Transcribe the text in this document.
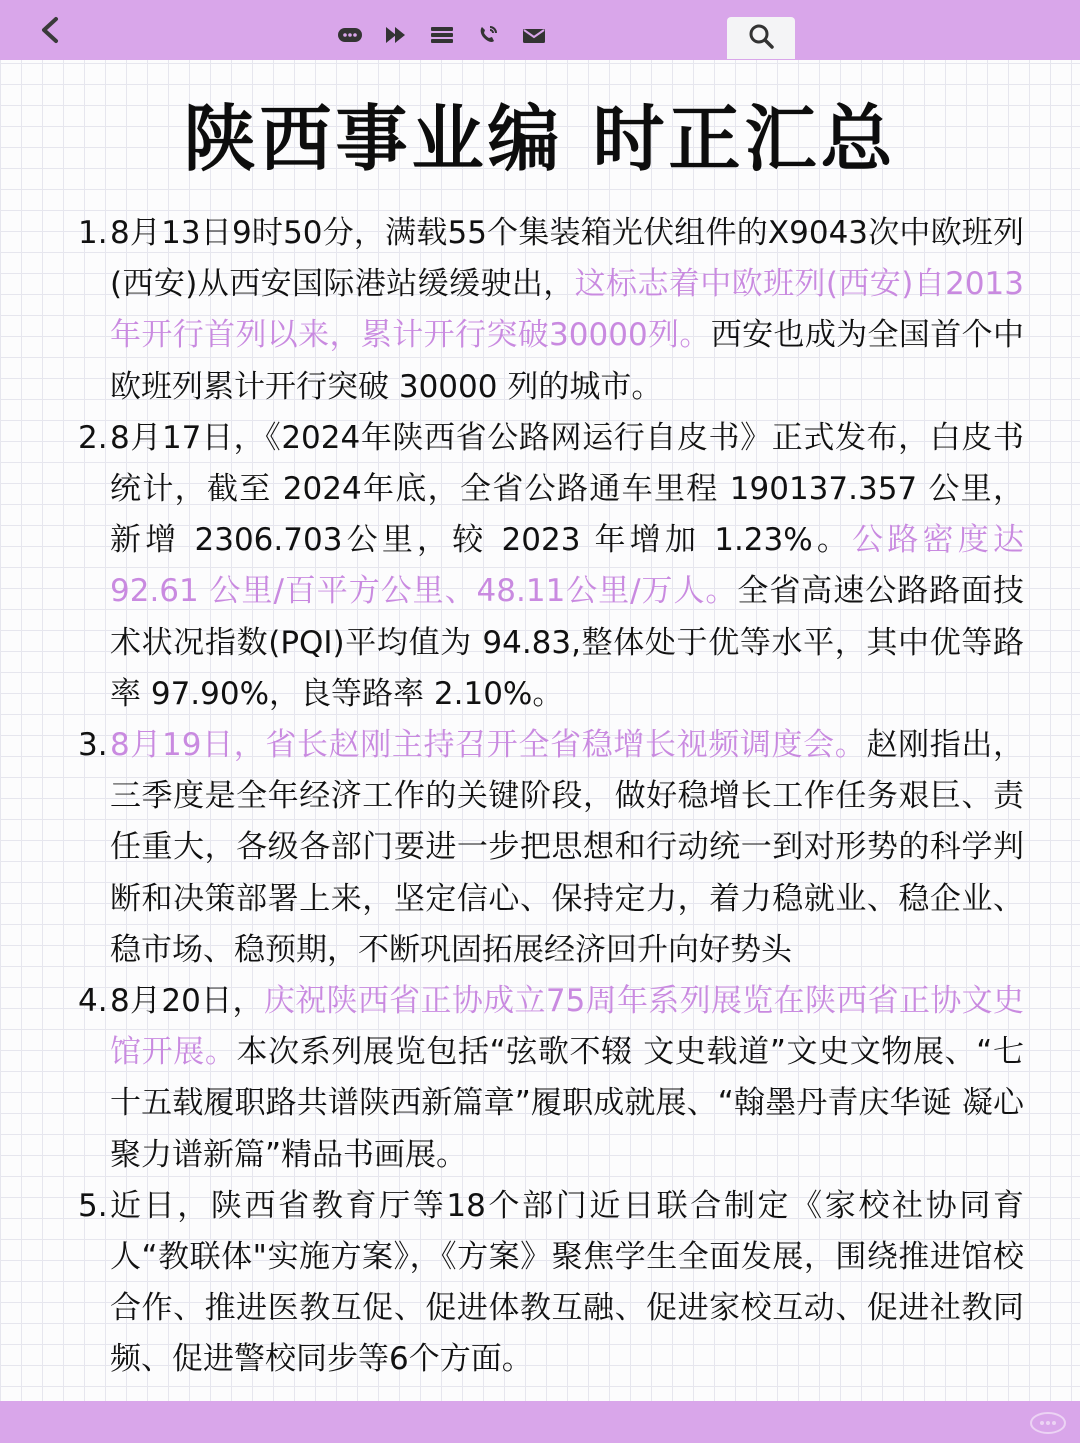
陕西事业编 时正汇总
1. 8月13日9时50分，满载55个集装箱光伏组件的X9043次中欧班列(西安)从西安国际港站缓缓驶出，这标志着中欧班列(西安)自2013年开行首列以来，累计开行突破30000列。西安也成为全国首个中欧班列累计开行突破 30000 列的城市。
2. 8月17日，《2024年陕西省公路网运行自皮书》正式发布，白皮书统计，截至 2024年底，全省公路通车里程 190137.357 公里，新增 2306.703公里，较 2023 年增加 1.23%。公路密度达 92.61 公里/百平方公里、48.11公里/万人。全省高速公路路面技术状况指数(PQI)平均值为 94.83,整体处于优等水平，其中优等路率 97.90%，良等路率 2.10%。
3. 8月19日，省长赵刚主持召开全省稳增长视频调度会。赵刚指出，三季度是全年经济工作的关键阶段，做好稳增长工作任务艰巨、责任重大，各级各部门要进一步把思想和行动统一到对形势的科学判断和决策部署上来，坚定信心、保持定力，着力稳就业、稳企业、稳市场、稳预期，不断巩固拓展经济回升向好势头
4. 8月20日，庆祝陕西省正协成立75周年系列展览在陕西省正协文史馆开展。本次系列展览包括“弦歌不辍 文史载道”文史文物展、“七十五载履职路共谱陕西新篇章”履职成就展、“翰墨丹青庆华诞 凝心聚力谱新篇”精品书画展。
5. 近日，陕西省教育厅等18个部门近日联合制定《家校社协同育人“教联体"实施方案》，《方案》聚焦学生全面发展，围绕推进馆校合作、推进医教互促、促进体教互融、促进家校互动、促进社教同频、促进警校同步等6个方面。
